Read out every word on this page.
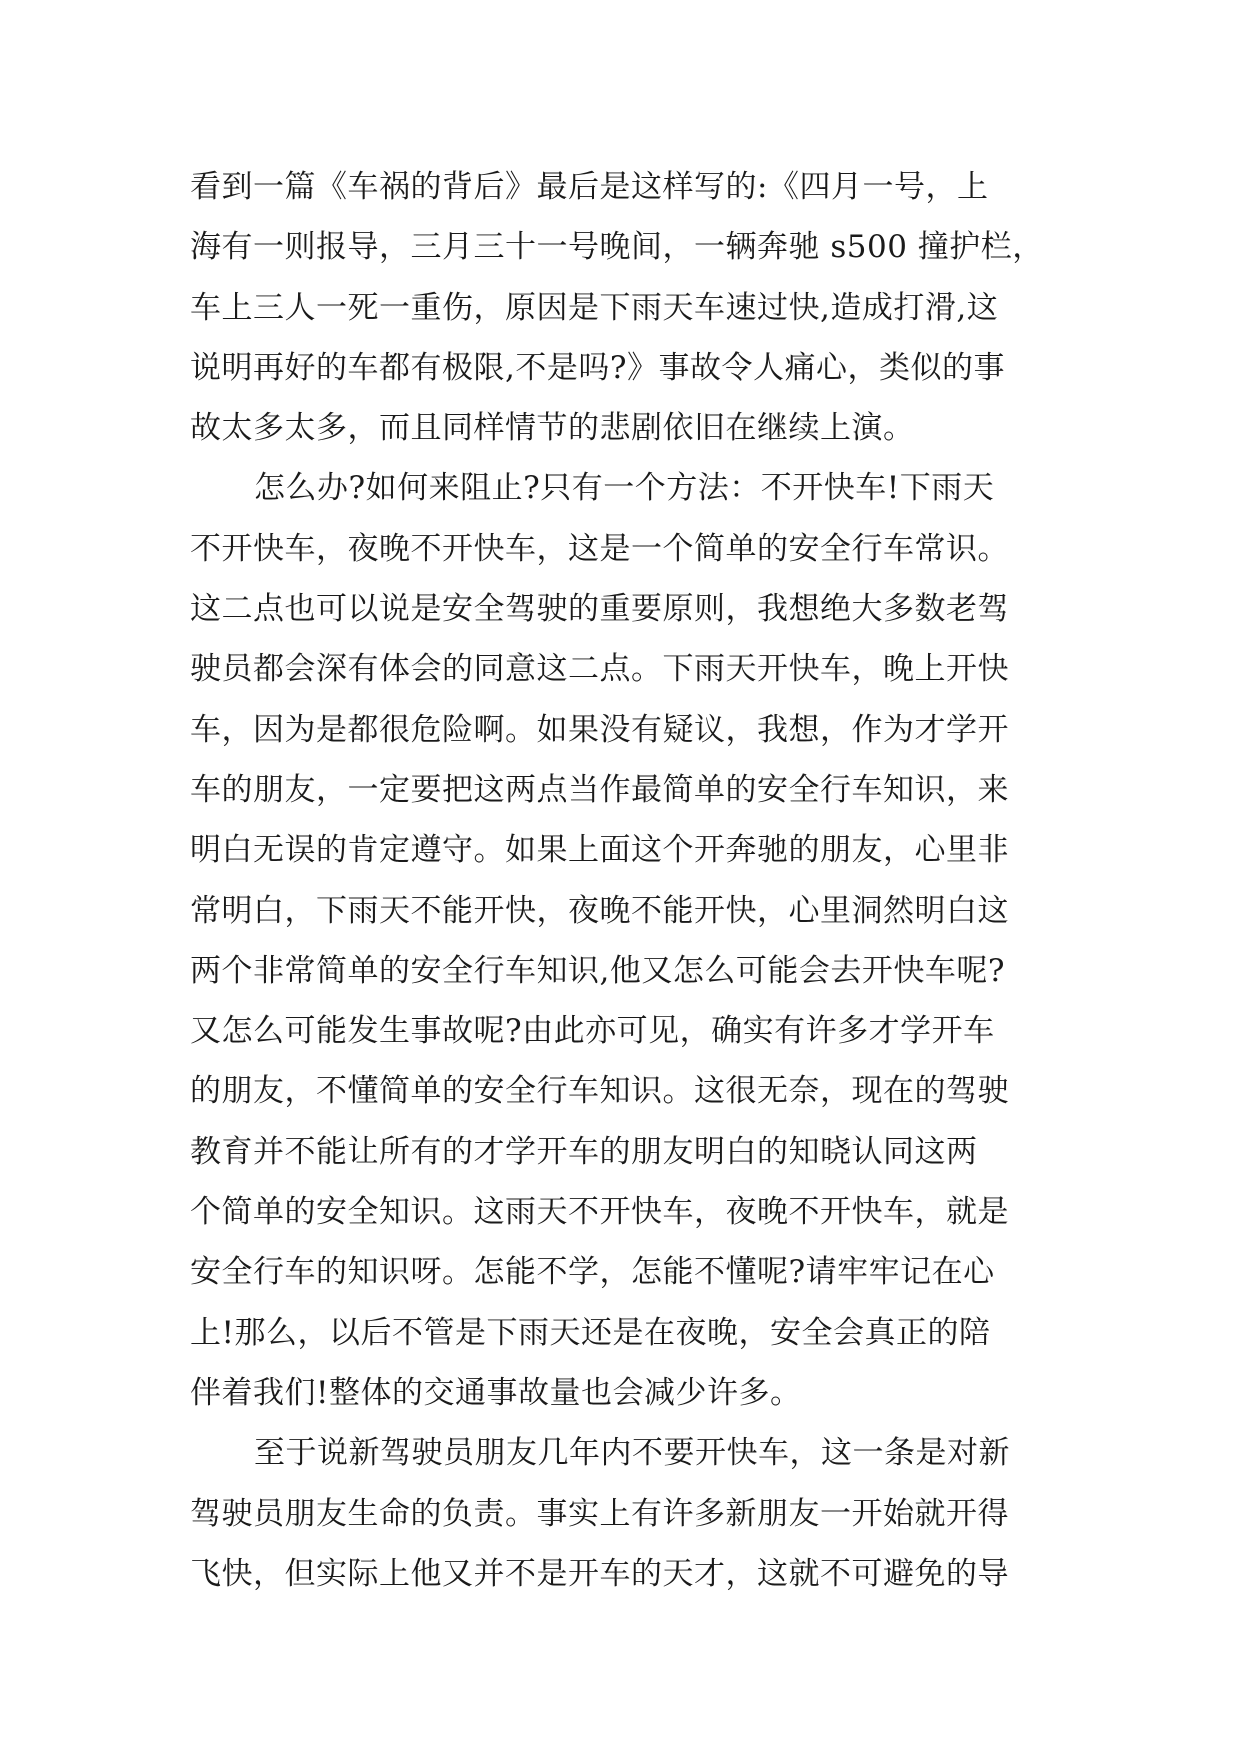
看到一篇《车祸的背后》最后是这样写的:《四月一号，上
海有一则报导，三月三十一号晚间，一辆奔驰 s500 撞护栏，
车上三人一死一重伤，原因是下雨天车速过快,造成打滑,这
说明再好的车都有极限,不是吗?》事故令人痛心，类似的事
故太多太多，而且同样情节的悲剧依旧在继续上演。
怎么办?如何来阻止?只有一个方法：不开快车!下雨天
不开快车，夜晚不开快车，这是一个简单的安全行车常识。
这二点也可以说是安全驾驶的重要原则，我想绝大多数老驾
驶员都会深有体会的同意这二点。下雨天开快车，晚上开快
车，因为是都很危险啊。如果没有疑议，我想，作为才学开
车的朋友，一定要把这两点当作最简单的安全行车知识，来
明白无误的肯定遵守。如果上面这个开奔驰的朋友，心里非
常明白，下雨天不能开快，夜晚不能开快，心里洞然明白这
两个非常简单的安全行车知识,他又怎么可能会去开快车呢?
又怎么可能发生事故呢?由此亦可见，确实有许多才学开车
的朋友，不懂简单的安全行车知识。这很无奈，现在的驾驶
教育并不能让所有的才学开车的朋友明白的知晓认同这两
个简单的安全知识。这雨天不开快车，夜晚不开快车，就是
安全行车的知识呀。怎能不学，怎能不懂呢?请牢牢记在心
上!那么，以后不管是下雨天还是在夜晚，安全会真正的陪
伴着我们!整体的交通事故量也会减少许多。
至于说新驾驶员朋友几年内不要开快车，这一条是对新
驾驶员朋友生命的负责。事实上有许多新朋友一开始就开得
飞快，但实际上他又并不是开车的天才，这就不可避免的导
